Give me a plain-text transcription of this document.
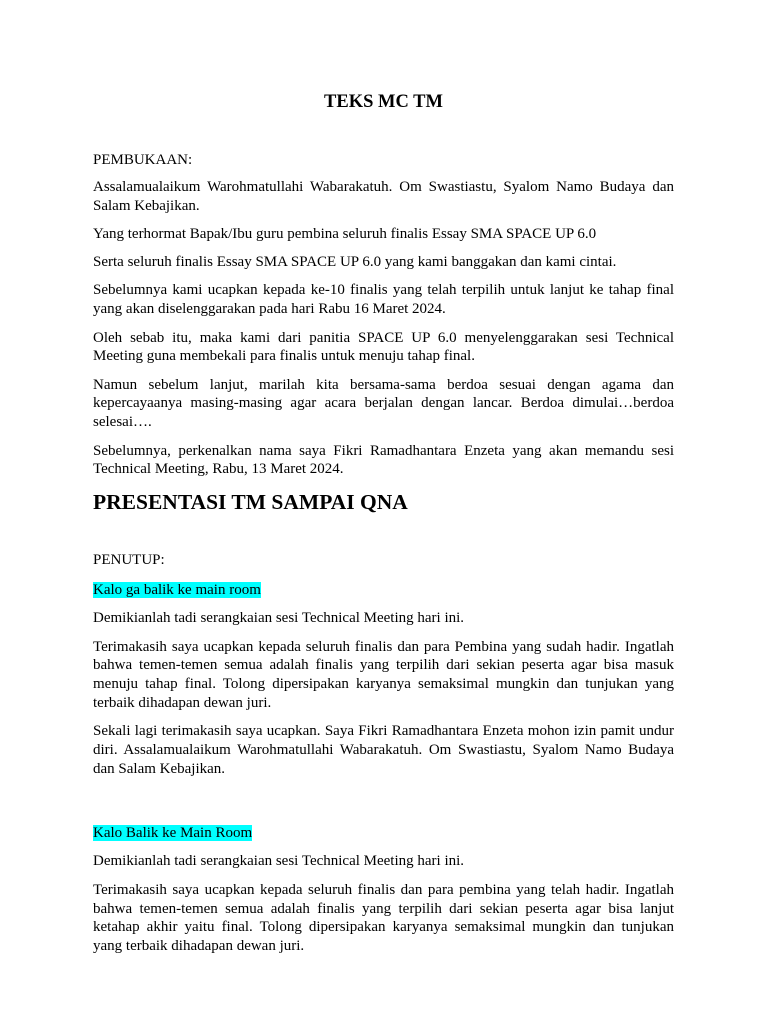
TEKS MC TM

PEMBUKAAN:

Assalamualaikum Warohmatullahi Wabarakatuh. Om Swastiastu, Syalom Namo Budaya dan Salam Kebajikan.

Yang terhormat Bapak/Ibu guru pembina seluruh finalis Essay SMA SPACE UP 6.0

Serta seluruh finalis Essay SMA SPACE UP 6.0 yang kami banggakan dan kami cintai.

Sebelumnya kami ucapkan kepada ke-10 finalis yang telah terpilih untuk lanjut ke tahap final yang akan diselenggarakan pada hari Rabu 16 Maret 2024.

Oleh sebab itu, maka kami dari panitia SPACE UP 6.0 menyelenggarakan sesi Technical Meeting guna membekali para finalis untuk menuju tahap final.

Namun sebelum lanjut, marilah kita bersama-sama berdoa sesuai dengan agama dan kepercayaanya masing-masing agar acara berjalan dengan lancar. Berdoa dimulai…berdoa selesai….

Sebelumnya, perkenalkan nama saya Fikri Ramadhantara Enzeta yang akan memandu sesi Technical Meeting, Rabu, 13 Maret 2024.

PRESENTASI TM SAMPAI QNA

PENUTUP:

Kalo ga balik ke main room

Demikianlah tadi serangkaian sesi Technical Meeting hari ini.

Terimakasih saya ucapkan kepada seluruh finalis dan para Pembina yang sudah hadir. Ingatlah bahwa temen-temen semua adalah finalis yang terpilih dari sekian peserta agar bisa masuk menuju tahap final. Tolong dipersipakan karyanya semaksimal mungkin dan tunjukan yang terbaik dihadapan dewan juri.

Sekali lagi terimakasih saya ucapkan. Saya Fikri Ramadhantara Enzeta mohon izin pamit undur diri. Assalamualaikum Warohmatullahi Wabarakatuh. Om Swastiastu, Syalom Namo Budaya dan Salam Kebajikan.

Kalo Balik ke Main Room

Demikianlah tadi serangkaian sesi Technical Meeting hari ini.

Terimakasih saya ucapkan kepada seluruh finalis dan para pembina yang telah hadir. Ingatlah bahwa temen-temen semua adalah finalis yang terpilih dari sekian peserta agar bisa lanjut ketahap akhir yaitu final. Tolong dipersipakan karyanya semaksimal mungkin dan tunjukan yang terbaik dihadapan dewan juri.
